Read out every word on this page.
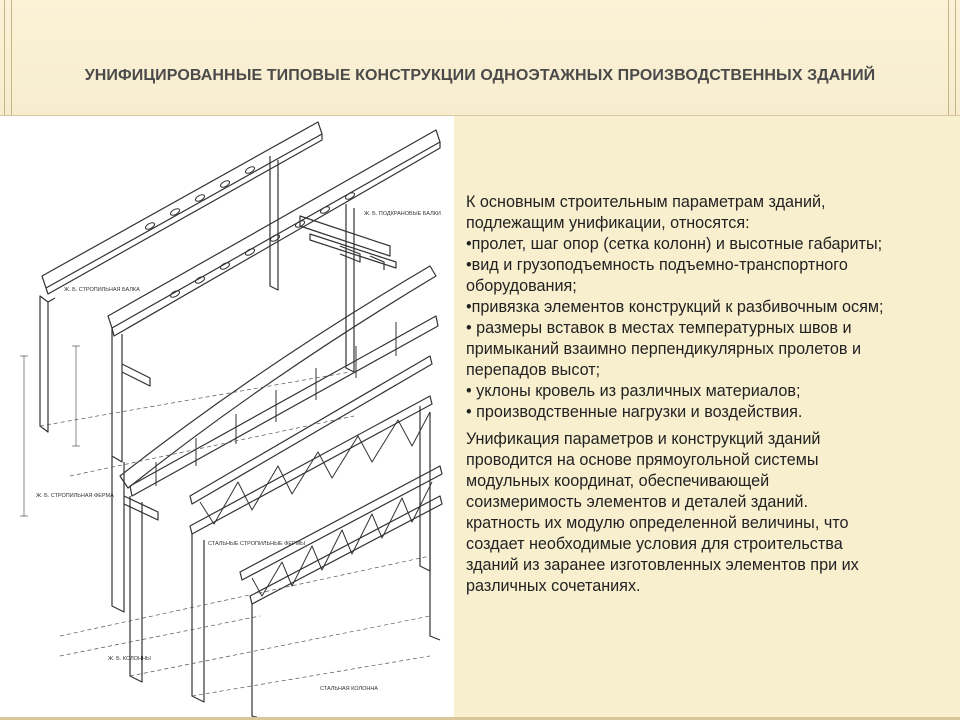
УНИФИЦИРОВАННЫЕ ТИПОВЫЕ КОНСТРУКЦИИ ОДНОЭТАЖНЫХ ПРОИЗВОДСТВЕННЫХ ЗДАНИЙ
Ж. Б. ПОДКРАНОВЫЕ БАЛКИ
Ж. Б. СТРОПИЛЬНАЯ БАЛКА
Ж. Б. СТРОПИЛЬНАЯ ФЕРМА
СТАЛЬНЫЕ СТРОПИЛЬНЫЕ ФЕРМЫ
Ж. Б. КОЛОННЫ
СТАЛЬНАЯ КОЛОННА

К основным строительным параметрам зданий,

подлежащим унификации, относятся:

•пролет, шаг опор (сетка колонн) и высотные габариты;

•вид и грузоподъемность подъемно-транспортного

оборудования;

•привязка элементов конструкций к разбивочным осям;

• размеры вставок в местах температурных швов и

примыканий взаимно перпендикулярных пролетов и

перепадов высот;

• уклоны кровель из различных материалов;

• производственные нагрузки и воздействия.

Унификация параметров и конструкций зданий

проводится на основе прямоугольной системы

модульных координат, обеспечивающей

соизмеримость элементов и деталей зданий.

кратность их модулю определенной величины, что

создает необходимые условия для строительства

зданий из заранее изготовленных элементов при их

различных сочетаниях.
